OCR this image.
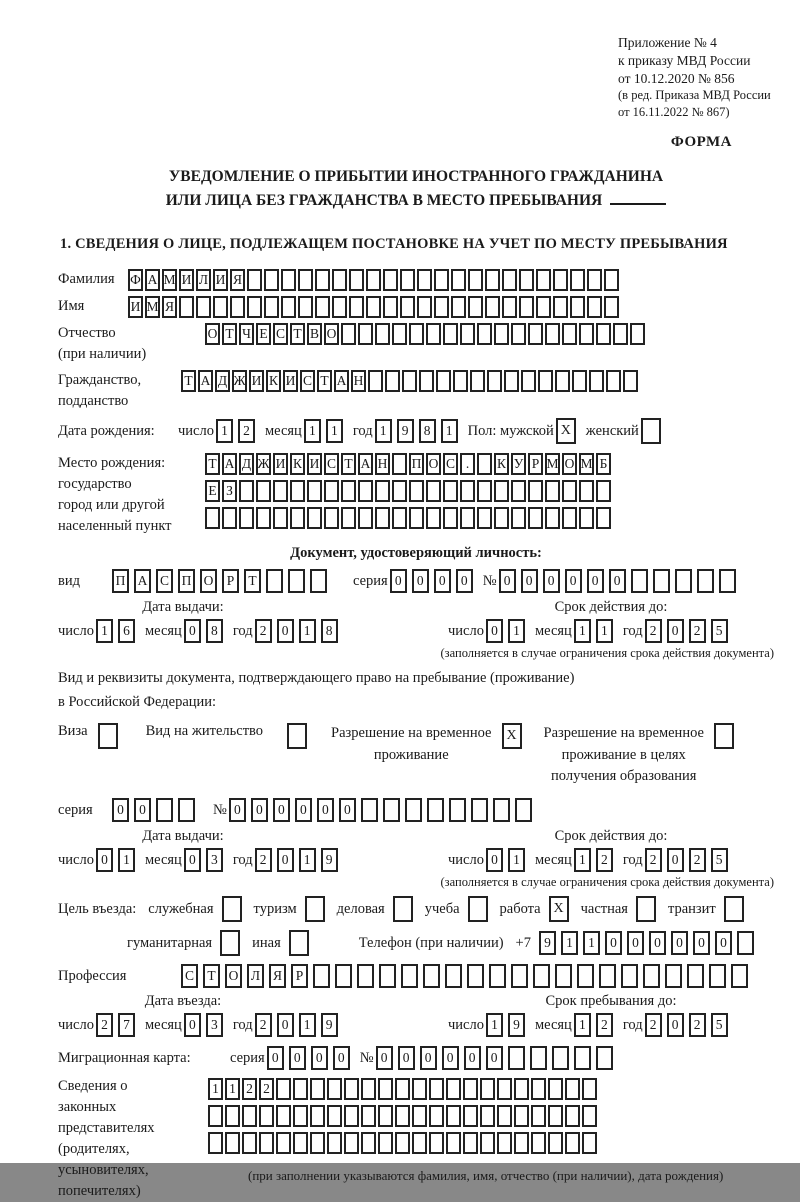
Приложение № 4
к приказу МВД России
от 10.12.2020 № 856
(в ред. Приказа МВД России
от 16.11.2022 № 867)
ФОРМА
УВЕДОМЛЕНИЕ О ПРИБЫТИИ ИНОСТРАННОГО ГРАЖДАНИНА
ИЛИ ЛИЦА БЕЗ ГРАЖДАНСТВА В МЕСТО ПРЕБЫВАНИЯ
1. СВЕДЕНИЯ О ЛИЦЕ, ПОДЛЕЖАЩЕМ ПОСТАНОВКЕ НА УЧЕТ ПО МЕСТУ ПРЕБЫВАНИЯ
Фамилия	Ф А М И Л И Я
Имя	И М Я
Отчество
(при наличии)
О Т Ч Е С Т В О
Гражданство,
подданство
Т А Д Ж И К И С Т А Н
Дата рождения:	число 1	2	месяц 1	1	год 1	9	8	1	Пол: мужской X	женский
Место рождения:
государство
город или другой
населенный пункт
Т А Д Ж И К И С Т А Н П О С .	К У Р М О М Б
Е З
Документ, удостоверяющий личность:
вид	П А С П О Р	Т	серия 0	0	0	0	№ 0	0	0	0	0	0
Дата выдачи:
число 1	6	месяц 0	8	год 2	0	1	8
Срок действия до:
число 0	1	месяц 1	1	год 2	0	2	5
(заполняется в случае ограничения срока действия документа)
Вид и реквизиты документа, подтверждающего право на пребывание (проживание)
в Российской Федерации:
Виза	Вид на жительство	Разрешение на временное
проживание
X	Разрешение на временное
проживание в целях
получения образования
серия	0	0	№ 0	0	0	0	0	0
Дата выдачи:
число 0	1	месяц 0	3	год 2	0	1	9
Срок действия до:
число 0	1	месяц 1	2	год 2	0	2	5
(заполняется в случае ограничения срока действия документа)
Цель въезда: служебная	туризм	деловая	учеба	работа X	частная	транзит
гуманитарная	иная	Телефон (при наличии) +7 9	1	1	0	0	0	0	0	0
Профессия	С Т О Л Я	Р
Дата въезда:
число 2	7	месяц 0	3	год 2	0	1	9
Срок пребывания до:
число 1	9	месяц 1	2	год 2	0	2	5
Миграционная карта:	серия 0	0	0	0	№ 0	0	0	0	0	0
Сведения о
законных
представителях
(родителях,
усыновителях,
попечителях)
1 1 2 2
(при заполнении указываются фамилия, имя, отчество (при наличии), дата рождения)
